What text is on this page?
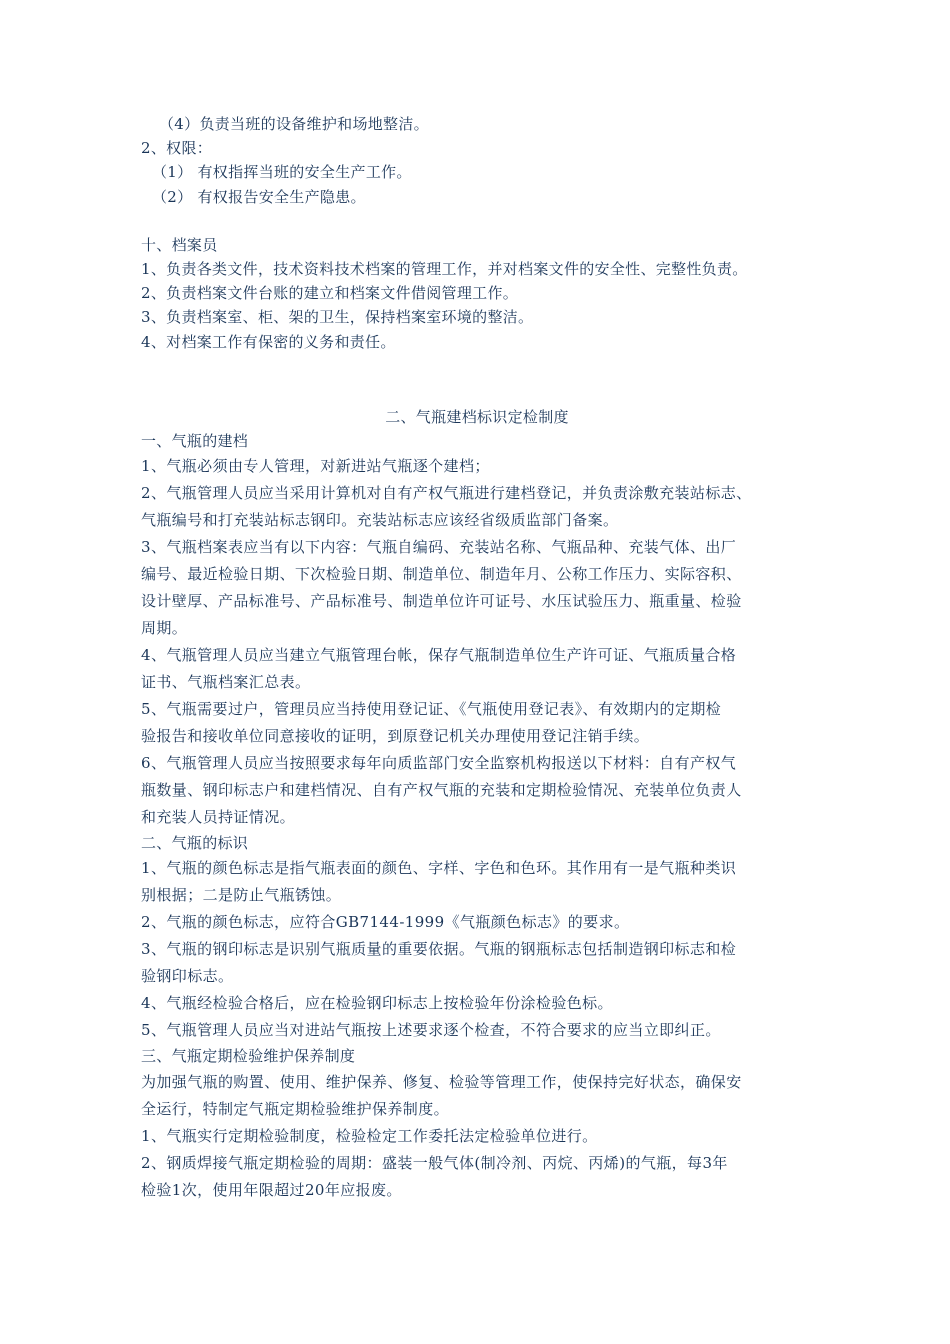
（4）负责当班的设备维护和场地整洁。

2、权限：

（1） 有权指挥当班的安全生产工作。

（2） 有权报告安全生产隐患。

十、档案员

1、负责各类文件，技术资料技术档案的管理工作，并对档案文件的安全性、完整性负责。

2、负责档案文件台账的建立和档案文件借阅管理工作。

3、负责档案室、柜、架的卫生，保持档案室环境的整洁。

4、对档案工作有保密的义务和责任。

二、气瓶建档标识定检制度

一、气瓶的建档

1、气瓶必须由专人管理，对新进站气瓶逐个建档；

2、气瓶管理人员应当采用计算机对自有产权气瓶进行建档登记，并负责涂敷充装站标志、

气瓶编号和打充装站标志钢印。充装站标志应该经省级质监部门备案。

3、气瓶档案表应当有以下内容：气瓶自编码、充装站名称、气瓶品种、充装气体、出厂

编号、最近检验日期、下次检验日期、制造单位、制造年月、公称工作压力、实际容积、

设计壁厚、产品标准号、产品标准号、制造单位许可证号、水压试验压力、瓶重量、检验

周期。

4、气瓶管理人员应当建立气瓶管理台帐，保存气瓶制造单位生产许可证、气瓶质量合格

证书、气瓶档案汇总表。

5、气瓶需要过户，管理员应当持使用登记证、《气瓶使用登记表》、有效期内的定期检

验报告和接收单位同意接收的证明，到原登记机关办理使用登记注销手续。

6、气瓶管理人员应当按照要求每年向质监部门安全监察机构报送以下材料：自有产权气

瓶数量、钢印标志户和建档情况、自有产权气瓶的充装和定期检验情况、充装单位负责人

和充装人员持证情况。

二、气瓶的标识

1、气瓶的颜色标志是指气瓶表面的颜色、字样、字色和色环。其作用有一是气瓶种类识

别根据；二是防止气瓶锈蚀。

2、气瓶的颜色标志，应符合GB7144-1999《气瓶颜色标志》的要求。

3、气瓶的钢印标志是识别气瓶质量的重要依据。气瓶的钢瓶标志包括制造钢印标志和检

验钢印标志。

4、气瓶经检验合格后，应在检验钢印标志上按检验年份涂检验色标。

5、气瓶管理人员应当对进站气瓶按上述要求逐个检查，不符合要求的应当立即纠正。

三、气瓶定期检验维护保养制度

为加强气瓶的购置、使用、维护保养、修复、检验等管理工作，使保持完好状态，确保安

全运行，特制定气瓶定期检验维护保养制度。

1、气瓶实行定期检验制度，检验检定工作委托法定检验单位进行。

2、钢质焊接气瓶定期检验的周期：盛装一般气体(制冷剂、丙烷、丙烯)的气瓶，每3年

检验1次，使用年限超过20年应报废。
